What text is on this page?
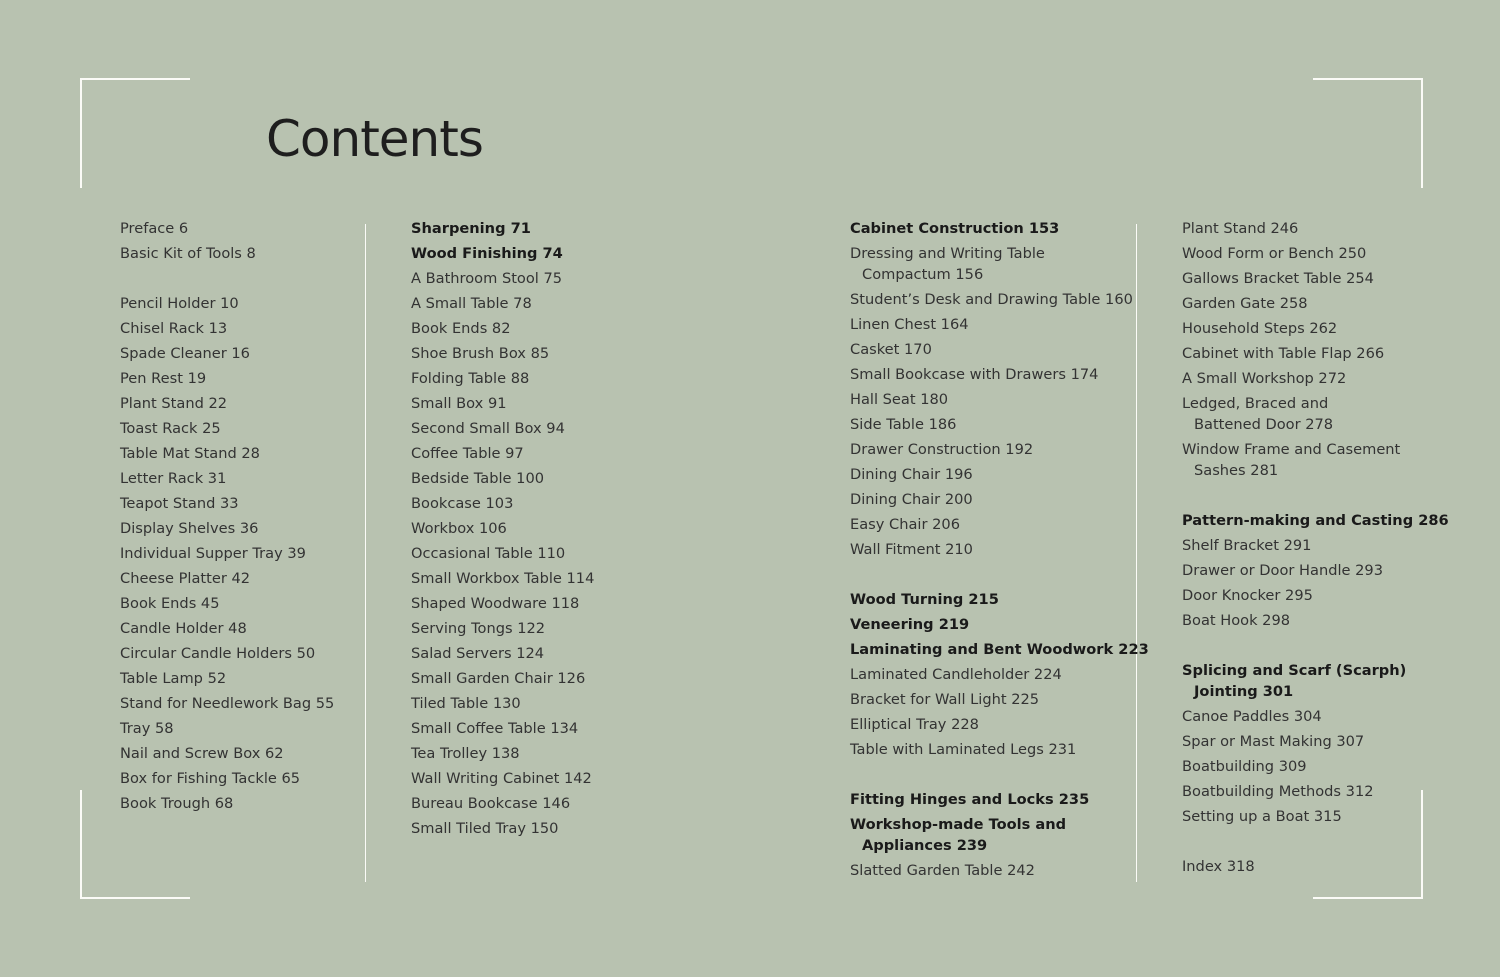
Contents

Preface 6

Basic Kit of Tools 8

Pencil Holder 10

Chisel Rack 13

Spade Cleaner 16

Pen Rest 19

Plant Stand 22

Toast Rack 25

Table Mat Stand 28

Letter Rack 31

Teapot Stand 33

Display Shelves 36

Individual Supper Tray 39

Cheese Platter 42

Book Ends 45

Candle Holder 48

Circular Candle Holders 50

Table Lamp 52

Stand for Needlework Bag 55

Tray 58

Nail and Screw Box 62

Box for Fishing Tackle 65

Book Trough 68

Sharpening 71

Wood Finishing 74

A Bathroom Stool 75

A Small Table 78

Book Ends 82

Shoe Brush Box 85

Folding Table 88

Small Box 91

Second Small Box 94

Coffee Table 97

Bedside Table 100

Bookcase 103

Workbox 106

Occasional Table 110

Small Workbox Table 114

Shaped Woodware 118

Serving Tongs 122

Salad Servers 124

Small Garden Chair 126

Tiled Table 130

Small Coffee Table 134

Tea Trolley 138

Wall Writing Cabinet 142

Bureau Bookcase 146

Small Tiled Tray 150

Cabinet Construction 153

Dressing and Writing Table
Compactum 156

Student’s Desk and Drawing Table 160

Linen Chest 164

Casket 170

Small Bookcase with Drawers 174

Hall Seat 180

Side Table 186

Drawer Construction 192

Dining Chair 196

Dining Chair 200

Easy Chair 206

Wall Fitment 210

Wood Turning 215

Veneering 219

Laminating and Bent Woodwork 223

Laminated Candleholder 224

Bracket for Wall Light 225

Elliptical Tray 228

Table with Laminated Legs 231

Fitting Hinges and Locks 235

Workshop-made Tools and
Appliances 239

Slatted Garden Table 242

Plant Stand 246

Wood Form or Bench 250

Gallows Bracket Table 254

Garden Gate 258

Household Steps 262

Cabinet with Table Flap 266

A Small Workshop 272

Ledged, Braced and
Battened Door 278

Window Frame and Casement
Sashes 281

Pattern-making and Casting 286

Shelf Bracket 291

Drawer or Door Handle 293

Door Knocker 295

Boat Hook 298

Splicing and Scarf (Scarph)
Jointing 301

Canoe Paddles 304

Spar or Mast Making 307

Boatbuilding 309

Boatbuilding Methods 312

Setting up a Boat 315

Index 318
